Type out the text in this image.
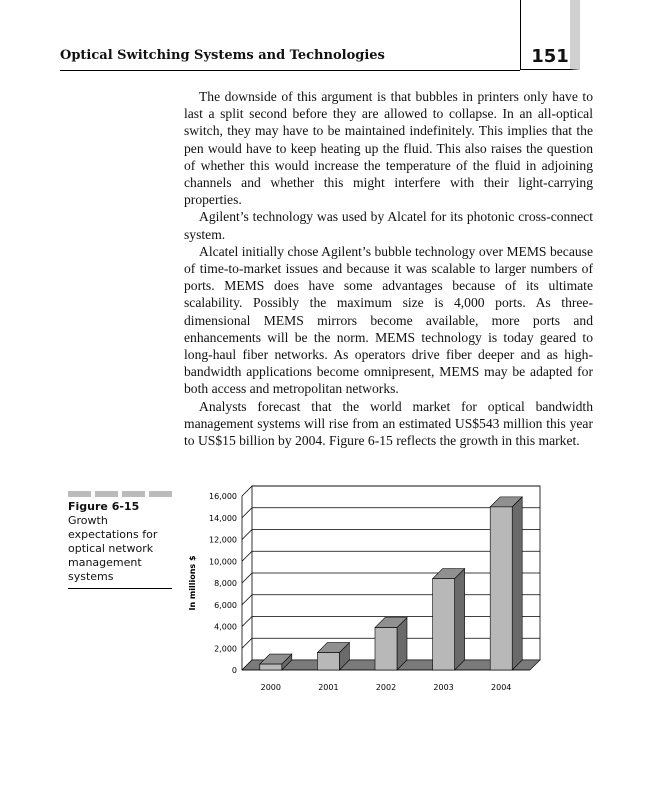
151
Optical Switching Systems and Technologies

The downside of this argument is that bubbles in printers only have to last a split second before they are allowed to collapse. In an all-optical switch, they may have to be maintained indefinitely. This implies that the pen would have to keep heating up the fluid. This also raises the question of whether this would increase the temperature of the fluid in adjoining channels and whether this might interfere with their light-carrying properties.

Agilent’s technology was used by Alcatel for its photonic cross-connect system.

Alcatel initially chose Agilent’s bubble technology over MEMS because of time-to-market issues and because it was scalable to larger numbers of ports. MEMS does have some advantages because of its ultimate scalability. Possibly the maximum size is 4,000 ports. As three-dimensional MEMS mirrors become available, more ports and enhancements will be the norm. MEMS technology is today geared to long-haul fiber networks. As operators drive fiber deeper and as high-bandwidth applications become omnipresent, MEMS may be adapted for both access and metropolitan networks.

Analysts forecast that the world market for optical bandwidth management systems will rise from an estimated US$543 million this year to US$15 billion by 2004. Figure 6-15 reflects the growth in this market.

Figure 6-15
Growth expectations for optical network management systems
0
2,000
4,000
6,000
8,000
10,000
12,000
14,000
16,000
2000	2001	2002	2003	2004
In millions $
